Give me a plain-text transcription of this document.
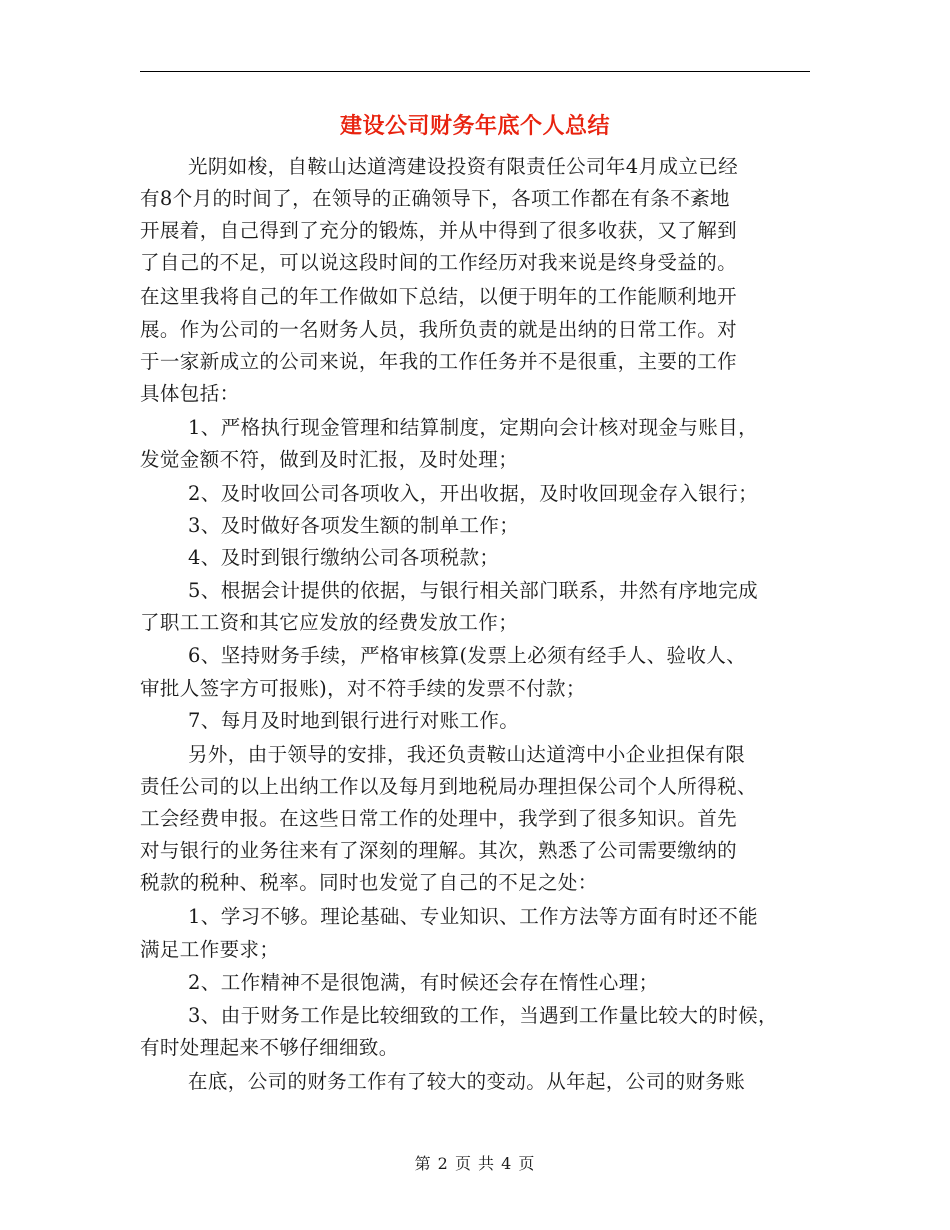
建设公司财务年底个人总结
光阴如梭，自鞍山达道湾建设投资有限责任公司年4月成立已经
有8个月的时间了，在领导的正确领导下，各项工作都在有条不紊地
开展着，自己得到了充分的锻炼，并从中得到了很多收获，又了解到
了自己的不足，可以说这段时间的工作经历对我来说是终身受益的。
在这里我将自己的年工作做如下总结，以便于明年的工作能顺利地开
展。作为公司的一名财务人员，我所负责的就是出纳的日常工作。对
于一家新成立的公司来说，年我的工作任务并不是很重，主要的工作
具体包括：
1、严格执行现金管理和结算制度，定期向会计核对现金与账目，
发觉金额不符，做到及时汇报，及时处理；
2、及时收回公司各项收入，开出收据，及时收回现金存入银行；
3、及时做好各项发生额的制单工作；
4、及时到银行缴纳公司各项税款；
5、根据会计提供的依据，与银行相关部门联系，井然有序地完成
了职工工资和其它应发放的经费发放工作；
6、坚持财务手续，严格审核算(发票上必须有经手人、验收人、
审批人签字方可报账)，对不符手续的发票不付款；
7、每月及时地到银行进行对账工作。
另外，由于领导的安排，我还负责鞍山达道湾中小企业担保有限
责任公司的以上出纳工作以及每月到地税局办理担保公司个人所得税、
工会经费申报。在这些日常工作的处理中，我学到了很多知识。首先
对与银行的业务往来有了深刻的理解。其次，熟悉了公司需要缴纳的
税款的税种、税率。同时也发觉了自己的不足之处：
1、学习不够。理论基础、专业知识、工作方法等方面有时还不能
满足工作要求；
2、工作精神不是很饱满，有时候还会存在惰性心理；
3、由于财务工作是比较细致的工作，当遇到工作量比较大的时候，
有时处理起来不够仔细细致。
在底，公司的财务工作有了较大的变动。从年起，公司的财务账
第 2 页 共 4 页
